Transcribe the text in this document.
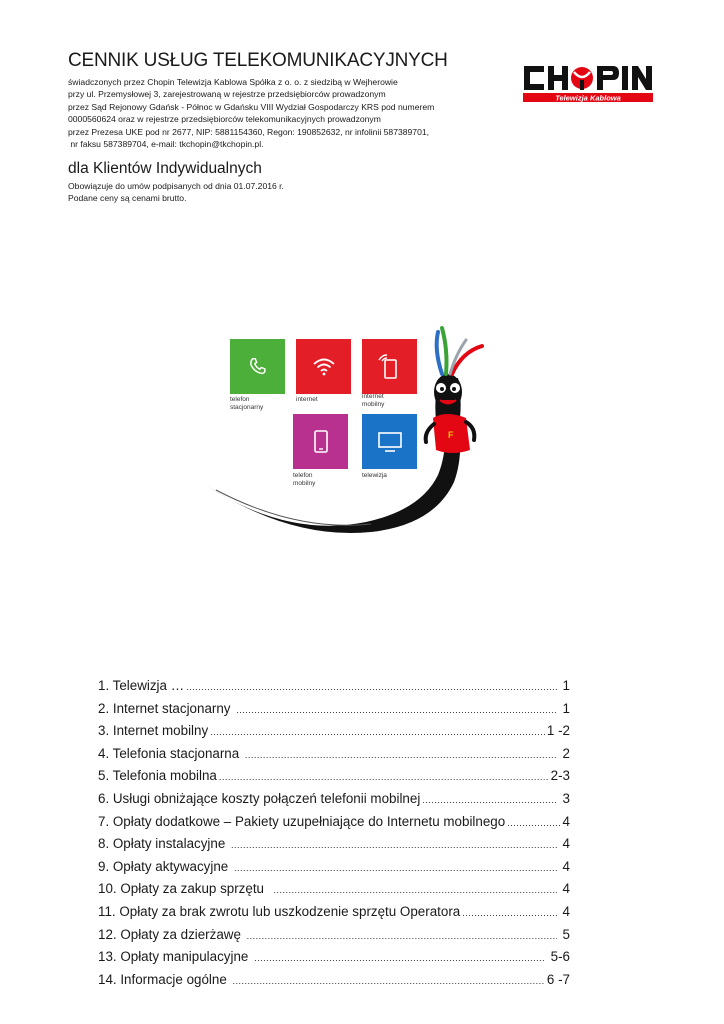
CENNIK USŁUG TELEKOMUNIKACYJNYCH
świadczonych przez Chopin Telewizja Kablowa Spółka z o. o. z siedzibą w Wejherowie
przy ul. Przemysłowej 3, zarejestrowaną w rejestrze przedsiębiorców prowadzonym
przez Sąd Rejonowy Gdańsk - Północ w Gdańsku VIII Wydział Gospodarczy KRS pod numerem
0000560624 oraz w rejestrze przedsiębiorców telekomunikacyjnych prowadzonym
przez Prezesa UKE pod nr 2677, NIP: 5881154360, Regon: 190852632, nr infolinii 587389701,
nr faksu 587389704, e-mail: tkchopin@tkchopin.pl.
Telewizja Kablowa
dla Klientów Indywidualnych
Obowiązuje do umów podpisanych od dnia 01.07.2016 r.
Podane ceny są cenami brutto.
F
telefon
stacjonarny
internet	internet
mobilny
telefon
mobilny
telewizja
1. Telewizja … .....	1
2. Internet stacjonarny .....	1
3. Internet mobilny .....	1 -2
4. Telefonia stacjonarna .....	2
5. Telefonia mobilna .....	2-3
6. Usługi obniżające koszty połączeń telefonii mobilnej .....	3
7. Opłaty dodatkowe – Pakiety uzupełniające do Internetu mobilnego .....	4
8. Opłaty instalacyjne .....	4
9. Opłaty aktywacyjne .....	4
10. Opłaty za zakup sprzętu .....	4
11. Opłaty za brak zwrotu lub uszkodzenie sprzętu Operatora .....	4
12. Opłaty za dzierżawę .....	5
13. Opłaty manipulacyjne .....	5-6
14. Informacje ogólne .....	6 -7
